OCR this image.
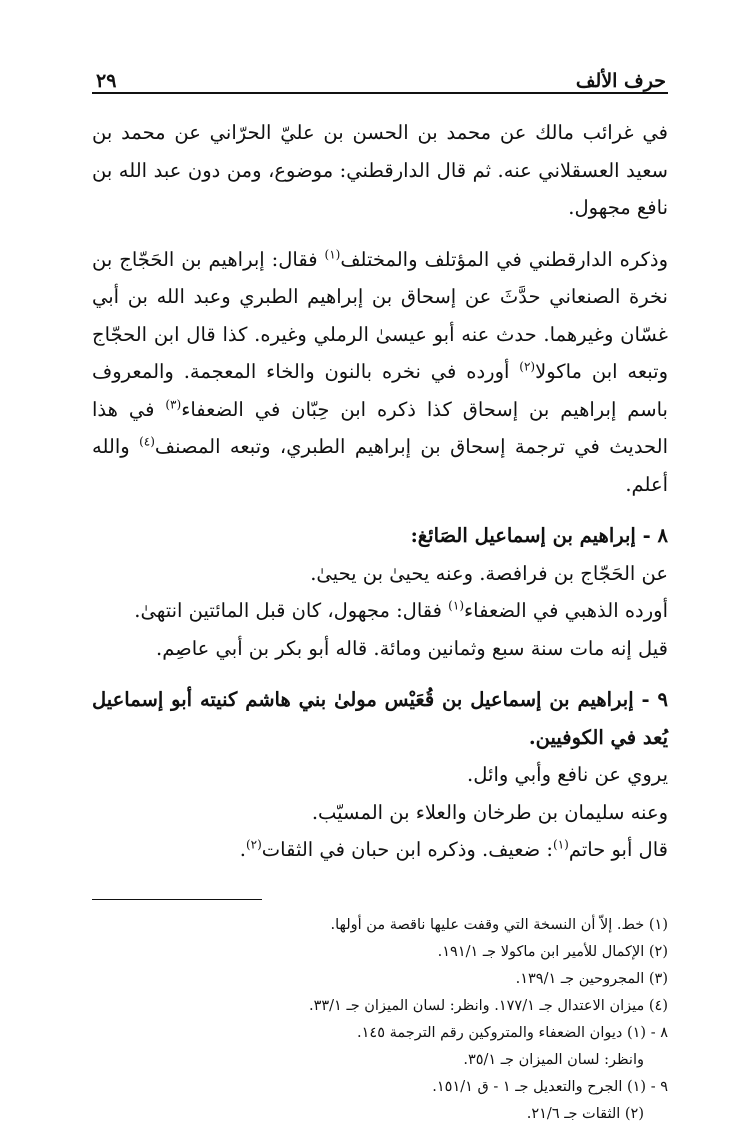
حرف الألف
٢٩

في غرائب مالك عن محمد بن الحسن بن عليّ الحرّاني عن محمد بن سعيد العسقلاني عنه. ثم قال الدارقطني: موضوع، ومن دون عبد الله بن نافع مجهول.

وذكره الدارقطني في المؤتلف والمختلف$^{(١)}$ فقال: إبراهيم بن الحَجّاج بن نخرة الصنعاني حدَّثَ عن إسحاق بن إبراهيم الطبري وعبد الله بن أبي غسّان وغيرهما. حدث عنه أبو عيسىٰ الرملي وغيره. كذا قال ابن الحجّاج وتبعه ابن ماكولا$^{(٢)}$ أورده في نخره بالنون والخاء المعجمة. والمعروف باسم إبراهيم بن إسحاق كذا ذكره ابن حِبّان في الضعفاء$^{(٣)}$ في هذا الحديث في ترجمة إسحاق بن إبراهيم الطبري، وتبعه المصنف$^{(٤)}$ والله أعلم.

٨ - إبراهيم بن إسماعيل الصَائغ:

عن الحَجّاج بن فرافصة. وعنه يحيىٰ بن يحيىٰ.

أورده الذهبي في الضعفاء$^{(١)}$ فقال: مجهول، كان قبل المائتين انتهىٰ.

قيل إنه مات سنة سبع وثمانين ومائة. قاله أبو بكر بن أبي عاصِم.

٩ - إبراهيم بن إسماعيل بن قُعَيْس مولىٰ بني هاشم كنيته أبو إسماعيل يُعد في الكوفيين.

يروي عن نافع وأبي وائل.

وعنه سليمان بن طرخان والعلاء بن المسيّب.

قال أبو حاتم$^{(١)}$: ضعيف. وذكره ابن حبان في الثقات$^{(٢)}$.

(١) خط. إلاّ أن النسخة التي وقفت عليها ناقصة من أولها.
(٢) الإكمال للأمير ابن ماكولا جـ ١٩١/١.
(٣) المجروحين جـ ١٣٩/١.
(٤) ميزان الاعتدال جـ ١٧٧/١. وانظر: لسان الميزان جـ ٣٣/١.
٨ - (١) ديوان الضعفاء والمتروكين رقم الترجمة ١٤٥.
وانظر: لسان الميزان جـ ٣٥/١.
٩ - (١) الجرح والتعديل جـ ١ - ق ١٥١/١.
(٢) الثقات جـ ٢١/٦.
